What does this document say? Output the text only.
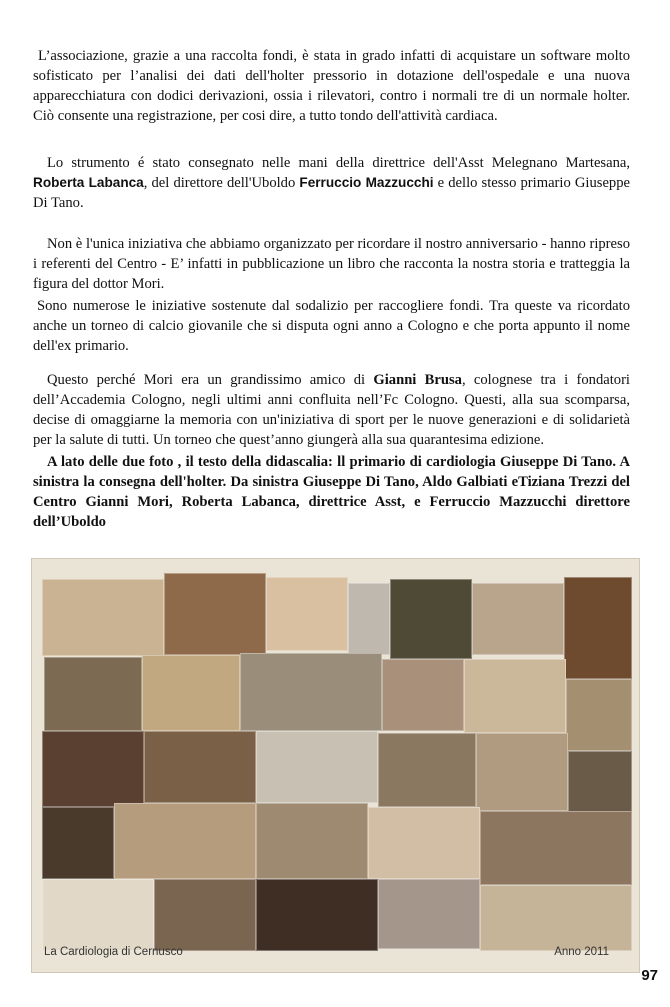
L’associazione, grazie a una raccolta fondi, è stata in grado infatti di acquistare un software molto sofisticato per l’analisi dei dati dell'holter pressorio in dotazione dell'ospedale e una nuova apparecchiatura con dodici derivazioni, ossia i rilevatori, contro i normali tre di un normale holter. Ciò consente una registrazione, per cosi dire, a tutto tondo dell'attività cardiaca.

Lo strumento é stato consegnato nelle mani della direttrice dell'Asst Melegnano Martesana, Roberta Labanca, del direttore dell'Uboldo Ferruccio Mazzucchi e dello stesso primario Giuseppe Di Tano.

Non è l'unica iniziativa che abbiamo organizzato per ricordare il nostro anniversario - hanno ripreso i referenti del Centro - E’ infatti in pubblicazione un libro che racconta la nostra storia e tratteggia la figura del dottor Mori.

Sono numerose le iniziative sostenute dal sodalizio per raccogliere fondi. Tra queste va ricordato anche un torneo di calcio giovanile che si disputa ogni anno a Cologno e che porta appunto il nome dell'ex primario.

Questo perché Mori era un grandissimo amico di Gianni Brusa, colognese tra i fondatori dell’Accademia Cologno, negli ultimi anni confluita nell’Fc Cologno. Questi, alla sua scomparsa, decise di omaggiarne la memoria con un'iniziativa di sport per le nuove generazioni e di solidarietà per la salute di tutti. Un torneo che quest’anno giungerà alla sua quarantesima edizione.

A lato delle due foto , il testo della didascalia: ll primario di cardiologia Giuseppe Di Tano. A sinistra la consegna dell'holter. Da sinistra Giuseppe Di Tano, Aldo Galbiati eTiziana Trezzi del Centro Gianni Mori, Roberta Labanca, direttrice Asst, e Ferruccio Mazzucchi direttore dell’Uboldo

La Cardiologia di Cernusco	Anno 2011
97
